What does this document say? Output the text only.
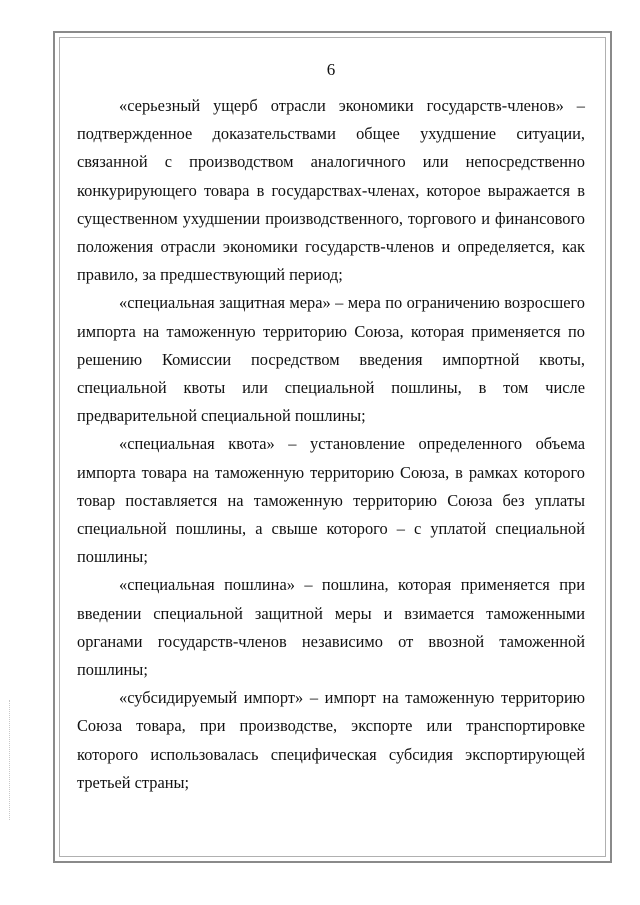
6

«серьезный ущерб отрасли экономики государств-членов» – подтвержденное доказательствами общее ухудшение ситуации, связанной с производством аналогичного или непосредственно конкурирующего товара в государствах-членах, которое выражается в существенном ухудшении производственного, торгового и финансового положения отрасли экономики государств-членов и определяется, как правило, за предшествующий период;

«специальная защитная мера» – мера по ограничению возросшего импорта на таможенную территорию Союза, которая применяется по решению Комиссии посредством введения импортной квоты, специальной квоты или специальной пошлины, в том числе предварительной специальной пошлины;

«специальная квота» – установление определенного объема импорта товара на таможенную территорию Союза, в рамках которого товар поставляется на таможенную территорию Союза без уплаты специальной пошлины, а свыше которого – с уплатой специальной пошлины;

«специальная пошлина» – пошлина, которая применяется при введении специальной защитной меры и взимается таможенными органами государств-членов независимо от ввозной таможенной пошлины;

«субсидируемый импорт» – импорт на таможенную территорию Союза товара, при производстве, экспорте или транспортировке которого использовалась специфическая субсидия экспортирующей третьей страны;
